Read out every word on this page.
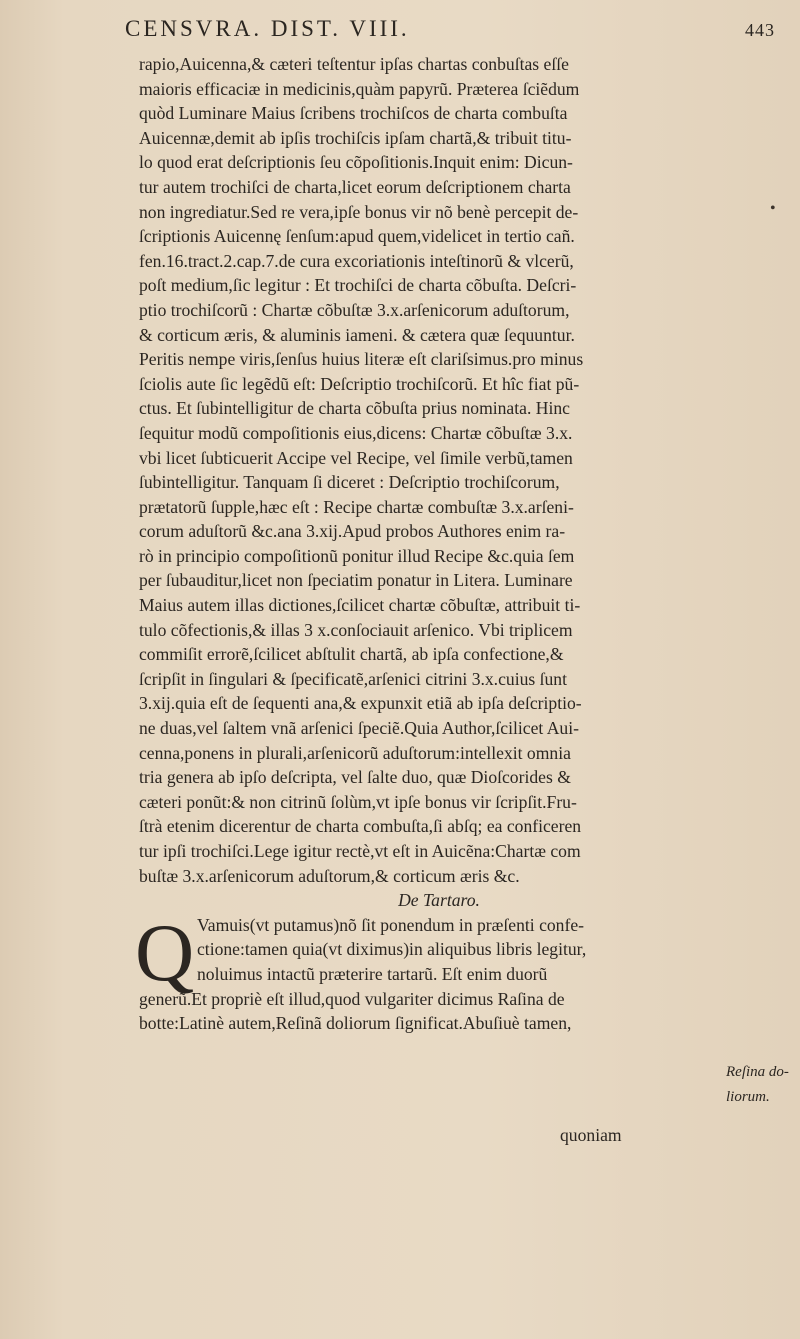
CENSVRA. DIST. VIII.	443
rapio,Auicenna,& cæteri teſtentur ipſas chartas conbuſtas eſſe
maioris efficaciæ in medicinis,quàm papyrũ. Præterea ſciẽdum
quòd Luminare Maius ſcribens trochiſcos de charta combuſta
Auicennæ,demit ab ipſis trochiſcis ipſam chartã,& tribuit titu-
lo quod erat deſcriptionis ſeu cõpoſitionis.Inquit enim: Dicun-
tur autem trochiſci de charta,licet eorum deſcriptionem charta
non ingrediatur.Sed re vera,ipſe bonus vir nõ benè percepit de-
ſcriptionis Auicennę ſenſum:apud quem,videlicet in tertio cañ.
fen.16.tract.2.cap.7.de cura excoriationis inteſtinorũ & vlcerũ,
poſt medium,ſic legitur : Et trochiſci de charta cõbuſta. Deſcri-
ptio trochiſcorũ : Chartæ cõbuſtæ 3.x.arſenicorum aduſtorum,
& corticum æris, & aluminis iameni. & cætera quæ ſequuntur.
Peritis nempe viris,ſenſus huius literæ eſt clariſsimus.pro minus
ſciolis aute ſic legẽdũ eſt: Deſcriptio trochiſcorũ. Et hîc fiat pũ-
ctus. Et ſubintelligitur de charta cõbuſta prius nominata. Hinc
ſequitur modũ compoſitionis eius,dicens: Chartæ cõbuſtæ 3.x.
vbi licet ſubticuerit Accipe vel Recipe, vel ſimile verbũ,tamen
ſubintelligitur. Tanquam ſi diceret : Deſcriptio trochiſcorum,
prætatorũ ſupple,hæc eſt : Recipe chartæ combuſtæ 3.x.arſeni-
corum aduſtorũ &c.ana 3.xij.Apud probos Authores enim ra-
rò in principio compoſitionũ ponitur illud Recipe &c.quia ſem
per ſubauditur,licet non ſpeciatim ponatur in Litera. Luminare
Maius autem illas dictiones,ſcilicet chartæ cõbuſtæ, attribuit ti-
tulo cõfectionis,& illas 3 x.conſociauit arſenico. Vbi triplicem
commiſit errorẽ,ſcilicet abſtulit chartã, ab ipſa confectione,&
ſcripſit in ſingulari & ſpecificatẽ,arſenici citrini 3.x.cuius ſunt
3.xij.quia eſt de ſequenti ana,& expunxit etiã ab ipſa deſcriptio-
ne duas,vel ſaltem vnã arſenici ſpeciẽ.Quia Author,ſcilicet Aui-
cenna,ponens in plurali,arſenicorũ aduſtorum:intellexit omnia
tria genera ab ipſo deſcripta, vel ſalte duo, quæ Dioſcorides &
cæteri ponũt:& non citrinũ ſolùm,vt ipſe bonus vir ſcripſit.Fru-
ſtrà etenim dicerentur de charta combuſta,ſi abſq; ea conficeren
tur ipſi trochiſci.Lege igitur rectè,vt eſt in Auicẽna:Chartæ com
buſtæ 3.x.arſenicorum aduſtorum,& corticum æris &c.
De Tartaro.
Q Vamuis(vt putamus)nõ ſit ponendum in præſenti confe-
ctione:tamen quia(vt diximus)in aliquibus libris legitur,
noluimus intactũ præterire tartarũ. Eſt enim duorũ
generũ.Et propriè eſt illud,quod vulgariter dicimus Raſina de
botte:Latinè autem,Reſinã doliorum ſignificat.Abuſiuè tamen,
Reſina do-
liorum.
quoniam
•
